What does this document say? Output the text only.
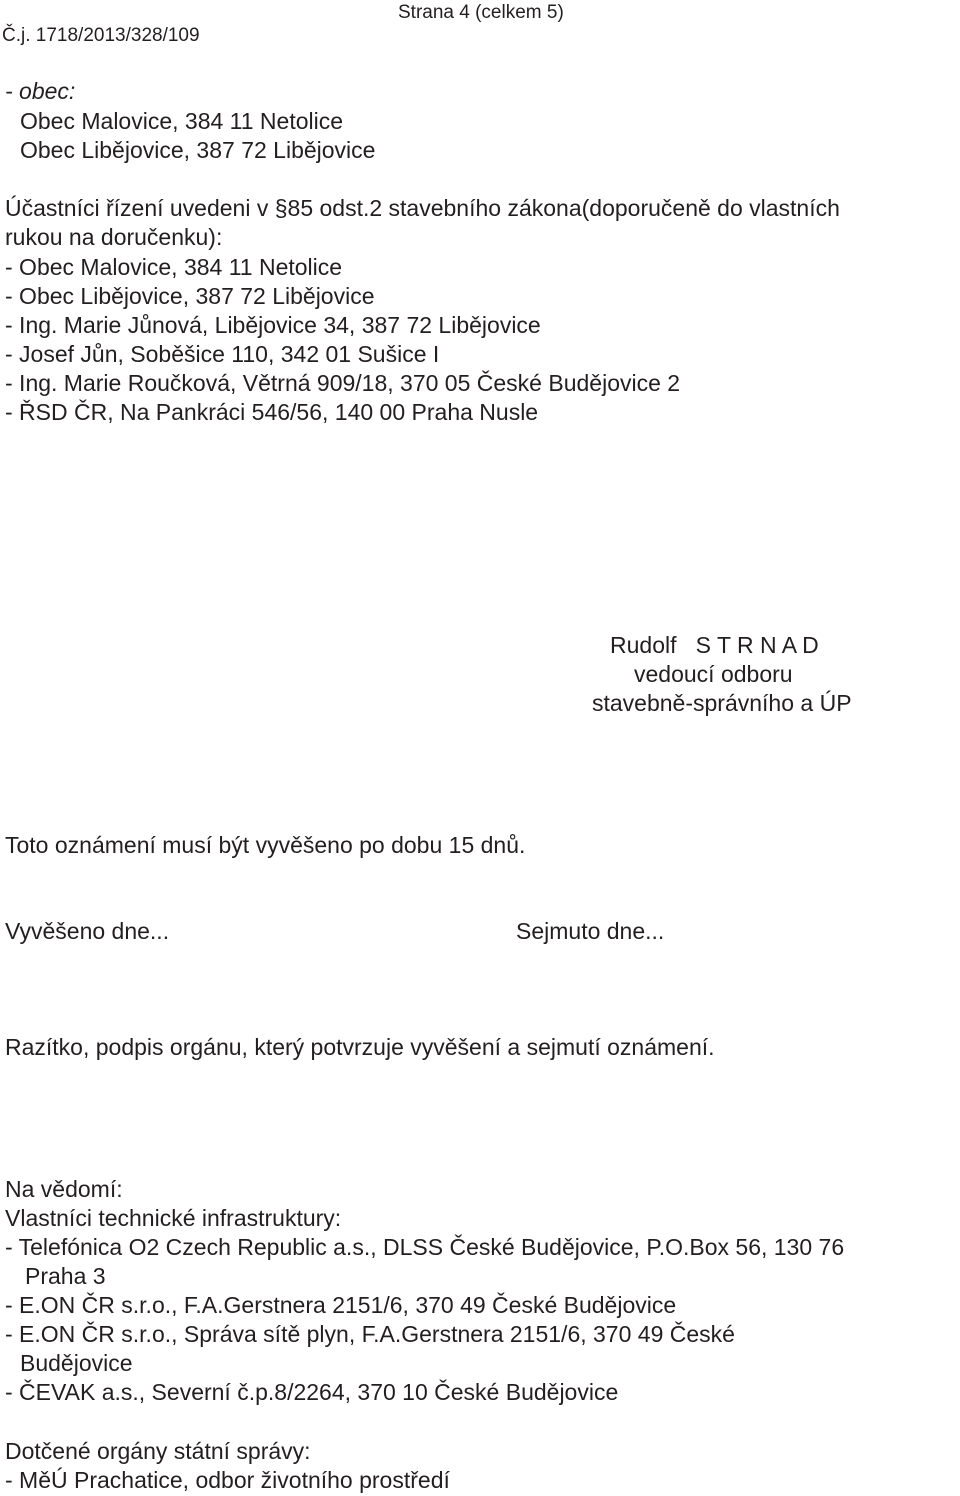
Strana 4 (celkem 5)
Č.j. 1718/2013/328/109
- obec:
Obec Malovice, 384 11 Netolice
Obec Libějovice, 387 72 Libějovice
Účastníci řízení uvedeni v §85 odst.2 stavebního zákona(doporučeně do vlastních
rukou na doručenku):
- Obec Malovice, 384 11 Netolice
- Obec Libějovice, 387 72 Libějovice
- Ing. Marie Jůnová, Libějovice 34, 387 72 Libějovice
- Josef Jůn, Soběšice 110, 342 01 Sušice I
- Ing. Marie Roučková, Větrná 909/18, 370 05 České Budějovice 2
- ŘSD ČR, Na Pankráci 546/56, 140 00 Praha Nusle
Rudolf   S T R N A D
vedoucí odboru
stavebně-správního a ÚP
Toto oznámení musí být vyvěšeno po dobu 15 dnů.
Vyvěšeno dne...	Sejmuto dne...
Razítko, podpis orgánu, který potvrzuje vyvěšení a sejmutí oznámení.
Na vědomí:
Vlastníci technické infrastruktury:
- Telefónica O2 Czech Republic a.s., DLSS České Budějovice, P.O.Box 56, 130 76
Praha 3
- E.ON ČR s.r.o., F.A.Gerstnera 2151/6, 370 49 České Budějovice
- E.ON ČR s.r.o., Správa sítě plyn, F.A.Gerstnera 2151/6, 370 49 České
Budějovice
- ČEVAK a.s., Severní č.p.8/2264, 370 10 České Budějovice
Dotčené orgány státní správy:
- MěÚ Prachatice, odbor životního prostředí
